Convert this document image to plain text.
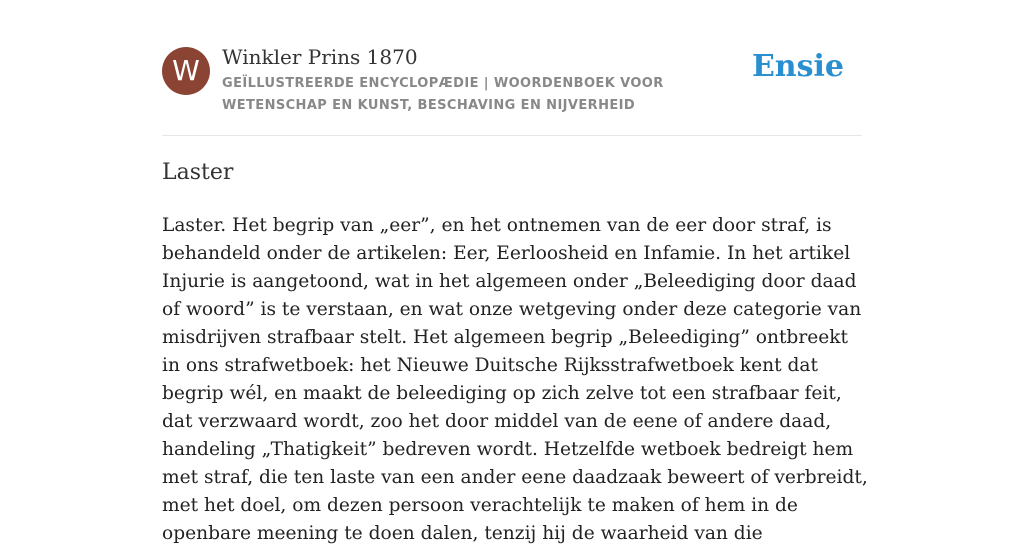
W	Winkler Prins 1870
GEÏLLUSTREERDE ENCYCLOPÆDIE | WOORDENBOEK VOOR WETENSCHAP EN KUNST, BESCHAVING EN NIJVERHEID
Ensie
Laster

Laster. Het begrip van „eer”, en het ontnemen van de eer door straf, is behandeld onder de artikelen: Eer, Eerloosheid en Infamie. In het artikel Injurie is aangetoond, wat in het algemeen onder „Beleediging door daad of woord” is te verstaan, en wat onze wetgeving onder deze categorie van misdrijven strafbaar stelt. Het algemeen begrip „Beleediging” ontbreekt in ons strafwetboek: het Nieuwe Duitsche Rijksstrafwetboek kent dat begrip wél, en maakt de beleediging op zich zelve tot een strafbaar feit, dat verzwaard wordt, zoo het door middel van de eene of andere daad, handeling „Thatigkeit” bedreven wordt. Hetzelfde wetboek bedreigt hem met straf, die ten laste van een ander eene daadzaak beweert of verbreidt, met het doel, om dezen persoon verachtelijk te maken of hem in de openbare meening te doen dalen, tenzij hij de waarheid van die
